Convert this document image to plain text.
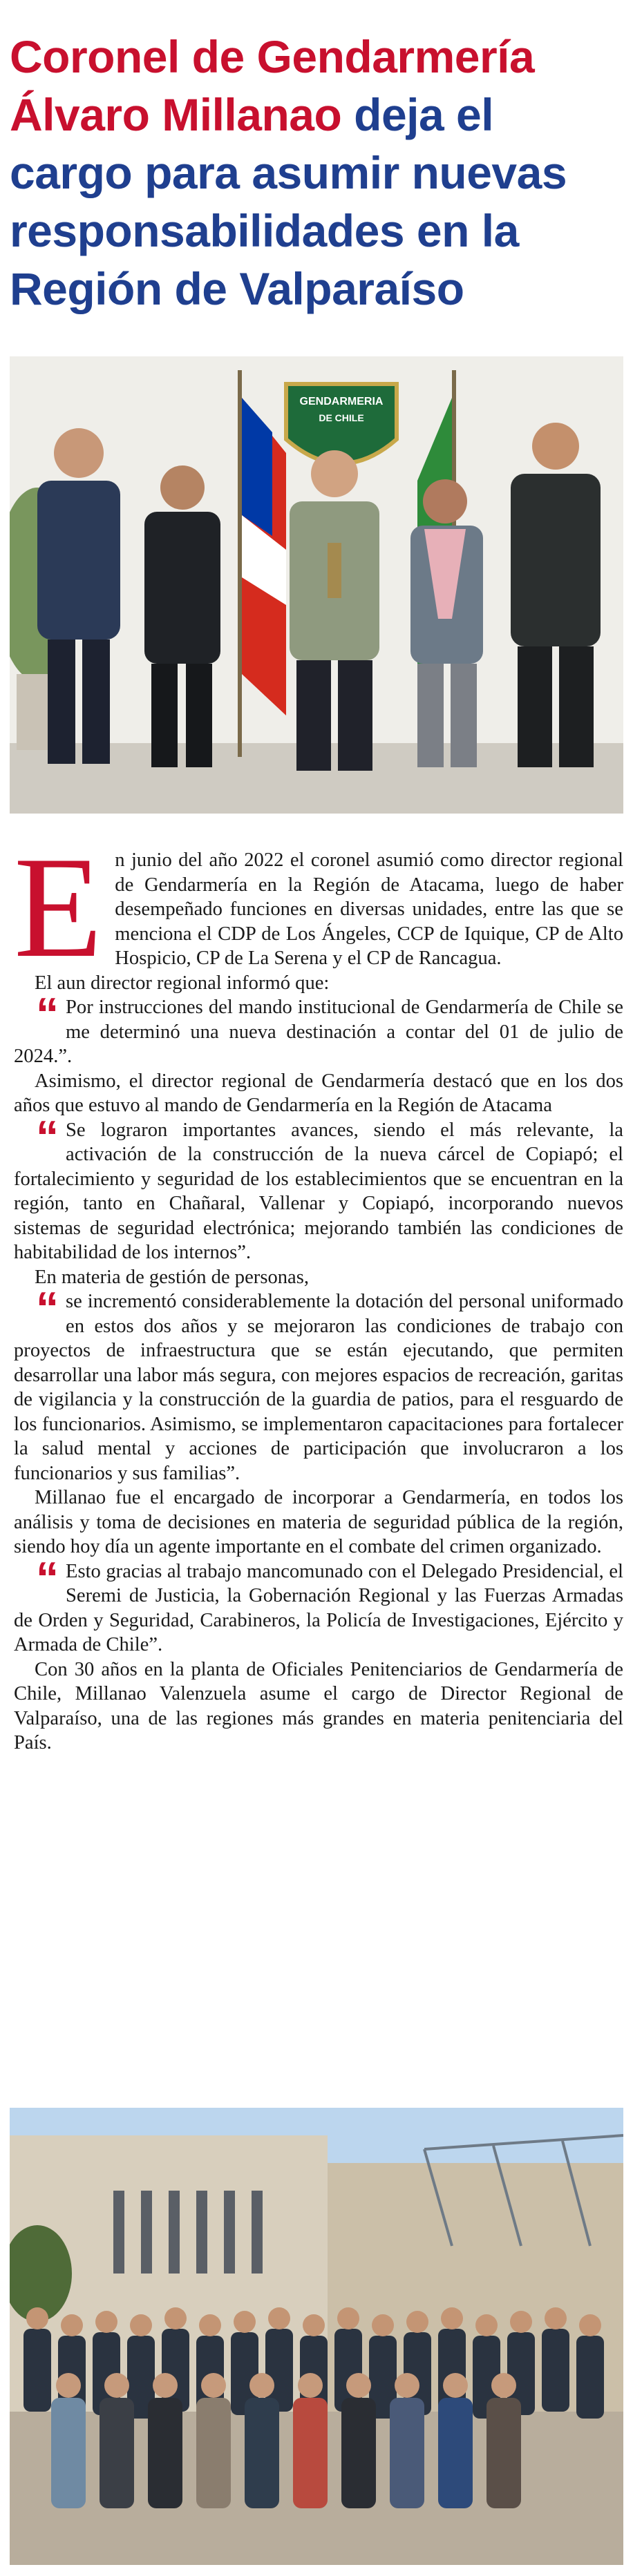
Coronel de Gendarmería Álvaro Millanao deja el cargo para asumir nuevas responsabilidades en la Región de Valparaíso
GENDARMERIA
DE CHILE

En junio del año 2022 el coronel asumió como director regional de Gendarmería en la Región de Atacama, luego de haber desempeñado funciones en diversas unidades, entre las que se menciona el CDP de Los Ángeles, CCP de Iquique, CP de Alto Hospicio, CP de La Serena y el CP de Rancagua.

El aun director regional informó que:

“ Por instrucciones del mando institucional de Gendarmería de Chile se me determinó una nueva destinación a contar del 01 de julio de 2024.”.

Asimismo, el director regional de Gendarmería destacó que en los dos años que estuvo al mando de Gendarmería en la Región de Atacama

“ Se lograron importantes avances, siendo el más relevante, la activación de la construcción de la nueva cárcel de Copiapó; el fortalecimiento y seguridad de los establecimientos que se encuentran en la región, tanto en Chañaral, Vallenar y Copiapó, incorporando nuevos sistemas de seguridad electrónica; mejorando también las condiciones de habitabilidad de los internos”.

En materia de gestión de personas,

“ se incrementó considerablemente la dotación del personal uniformado en estos dos años y se mejoraron las condiciones de trabajo con proyectos de infraestructura que se están ejecutando, que permiten desarrollar una labor más segura, con mejores espacios de recreación, garitas de vigilancia y la construcción de la guardia de patios, para el resguardo de los funcionarios. Asimismo, se implementaron capacitaciones para fortalecer la salud mental y acciones de participación que involucraron a los funcionarios y sus familias”.

Millanao fue el encargado de incorporar a Gendarmería, en todos los análisis y toma de decisiones en materia de seguridad pública de la región, siendo hoy día un agente importante en el combate del crimen organizado.

“ Esto gracias al trabajo mancomunado con el Delegado Presidencial, el Seremi de Justicia, la Gobernación Regional y las Fuerzas Armadas de Orden y Seguridad, Carabineros, la Policía de Investigaciones, Ejército y Armada de Chile”.

Con 30 años en la planta de Oficiales Penitenciarios de Gendarmería de Chile, Millanao Valenzuela asume el cargo de Director Regional de Valparaíso, una de las regiones más grandes en materia penitenciaria del País.
